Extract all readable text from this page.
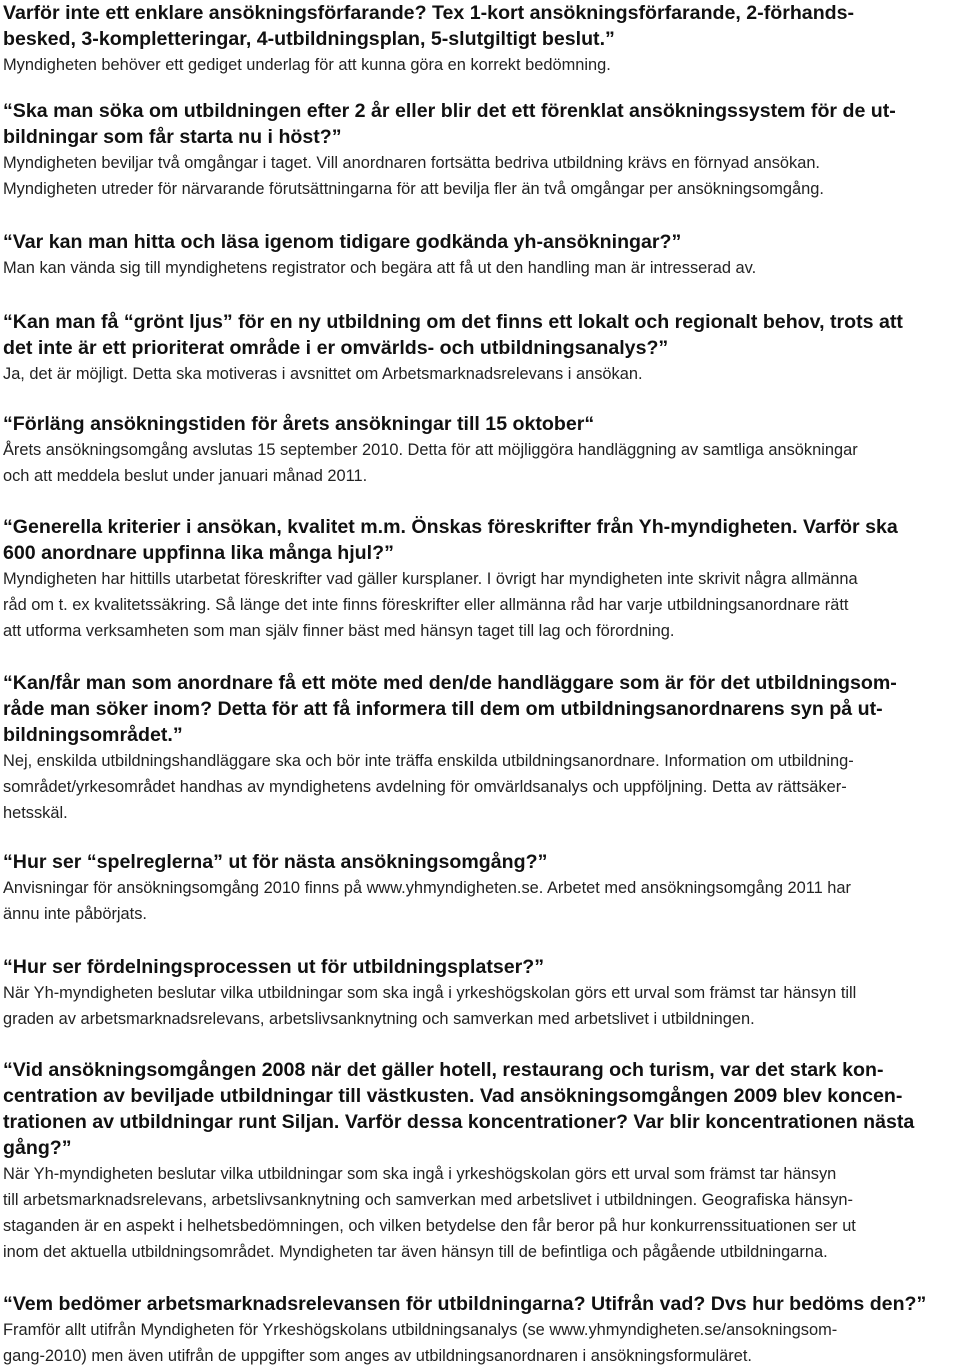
Varför inte ett enklare ansökningsförfarande? Tex 1-kort ansökningsförfarande, 2-förhands-
besked, 3-kompletteringar, 4-utbildningsplan, 5-slutgiltigt beslut.”
Myndigheten behöver ett gediget underlag för att kunna göra en korrekt bedömning.
“Ska man söka om utbildningen efter 2 år eller blir det ett förenklat ansökningssystem för de ut-
bildningar som får starta nu i höst?”
Myndigheten beviljar två omgångar i taget. Vill anordnaren fortsätta bedriva utbildning krävs en förnyad ansökan.
Myndigheten utreder för närvarande förutsättningarna för att bevilja fler än två omgångar per ansökningsomgång.
“Var kan man hitta och läsa igenom tidigare godkända yh-ansökningar?”
Man kan vända sig till myndighetens registrator och begära att få ut den handling man är intresserad av.
“Kan man få “grönt ljus” för en ny utbildning om det finns ett lokalt och regionalt behov, trots att
det inte är ett prioriterat område i er omvärlds- och utbildningsanalys?”
Ja, det är möjligt. Detta ska motiveras i avsnittet om Arbetsmarknadsrelevans i ansökan.
“Förläng ansökningstiden för årets ansökningar till 15 oktober“
Årets ansökningsomgång avslutas 15 september 2010. Detta för att möjliggöra handläggning av samtliga ansökningar
och att meddela beslut under januari månad 2011.
“Generella kriterier i ansökan, kvalitet m.m. Önskas föreskrifter från Yh-myndigheten. Varför ska
600 anordnare uppfinna lika många hjul?”
Myndigheten har hittills utarbetat föreskrifter vad gäller kursplaner. I övrigt har myndigheten inte skrivit några allmänna
råd om t. ex kvalitetssäkring. Så länge det inte finns föreskrifter eller allmänna råd har varje utbildningsanordnare rätt
att utforma verksamheten som man själv finner bäst med hänsyn taget till lag och förordning.
“Kan/får man som anordnare få ett möte med den/de handläggare som är för det utbildningsom-
råde man söker inom? Detta för att få informera till dem om utbildningsanordnarens syn på ut-
bildningsområdet.”
Nej, enskilda utbildningshandläggare ska och bör inte träffa enskilda utbildningsanordnare. Information om utbildning-
sområdet/yrkesområdet handhas av myndighetens avdelning för omvärldsanalys och uppföljning. Detta av rättsäker-
hetsskäl.
“Hur ser “spelreglerna” ut för nästa ansökningsomgång?”
Anvisningar för ansökningsomgång 2010 finns på www.yhmyndigheten.se. Arbetet med ansökningsomgång 2011 har
ännu inte påbörjats.
“Hur ser fördelningsprocessen ut för utbildningsplatser?”
När Yh-myndigheten beslutar vilka utbildningar som ska ingå i yrkeshögskolan görs ett urval som främst tar hänsyn till
graden av arbetsmarknadsrelevans, arbetslivsanknytning och samverkan med arbetslivet i utbildningen.
“Vid ansökningsomgången 2008 när det gäller hotell, restaurang och turism, var det stark kon-
centration av beviljade utbildningar till västkusten. Vad ansökningsomgången 2009 blev koncen-
trationen av utbildningar runt Siljan. Varför dessa koncentrationer? Var blir koncentrationen nästa
gång?”
När Yh-myndigheten beslutar vilka utbildningar som ska ingå i yrkeshögskolan görs ett urval som främst tar hänsyn
till arbetsmarknadsrelevans, arbetslivsanknytning och samverkan med arbetslivet i utbildningen. Geografiska hänsyn-
staganden är en aspekt i helhetsbedömningen, och vilken betydelse den får beror på hur konkurrenssituationen ser ut
inom det aktuella utbildningsområdet. Myndigheten tar även hänsyn till de befintliga och pågående utbildningarna.
“Vem bedömer arbetsmarknadsrelevansen för utbildningarna? Utifrån vad? Dvs hur bedöms den?”
Framför allt utifrån Myndigheten för Yrkeshögskolans utbildningsanalys (se www.yhmyndigheten.se/ansokningsom-
gang-2010) men även utifrån de uppgifter som anges av utbildningsanordnaren i ansökningsformuläret.
